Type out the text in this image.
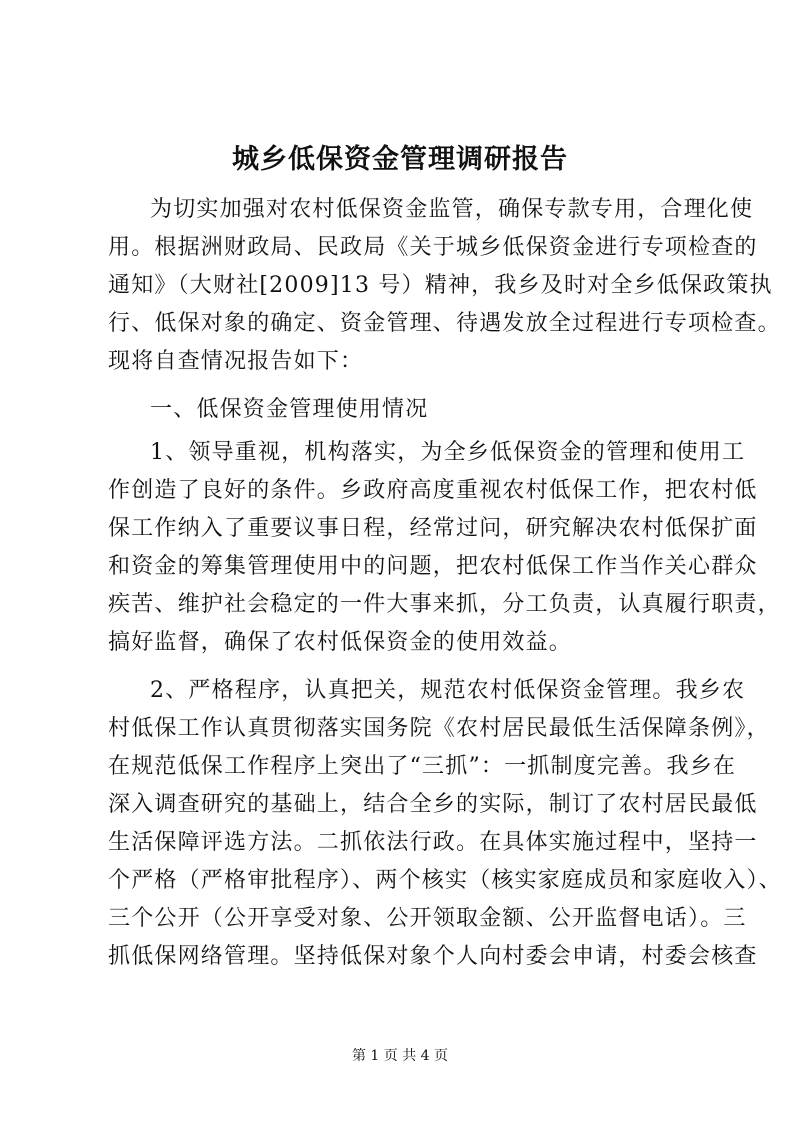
城乡低保资金管理调研报告
为切实加强对农村低保资金监管，确保专款专用，合理化使
用。根据洲财政局、民政局《关于城乡低保资金进行专项检查的
通知》（大财社[2009]13 号）精神，我乡及时对全乡低保政策执
行、低保对象的确定、资金管理、待遇发放全过程进行专项检查。
现将自查情况报告如下：
一、低保资金管理使用情况
1、领导重视，机构落实，为全乡低保资金的管理和使用工
作创造了良好的条件。乡政府高度重视农村低保工作，把农村低
保工作纳入了重要议事日程，经常过问，研究解决农村低保扩面
和资金的筹集管理使用中的问题，把农村低保工作当作关心群众
疾苦、维护社会稳定的一件大事来抓，分工负责，认真履行职责，
搞好监督，确保了农村低保资金的使用效益。
2、严格程序，认真把关，规范农村低保资金管理。我乡农
村低保工作认真贯彻落实国务院《农村居民最低生活保障条例》，
在规范低保工作程序上突出了“三抓”：一抓制度完善。我乡在
深入调查研究的基础上，结合全乡的实际，制订了农村居民最低
生活保障评选方法。二抓依法行政。在具体实施过程中，坚持一
个严格（严格审批程序）、两个核实（核实家庭成员和家庭收入）、
三个公开（公开享受对象、公开领取金额、公开监督电话）。三
抓低保网络管理。坚持低保对象个人向村委会申请，村委会核查
第 1 页 共 4 页
